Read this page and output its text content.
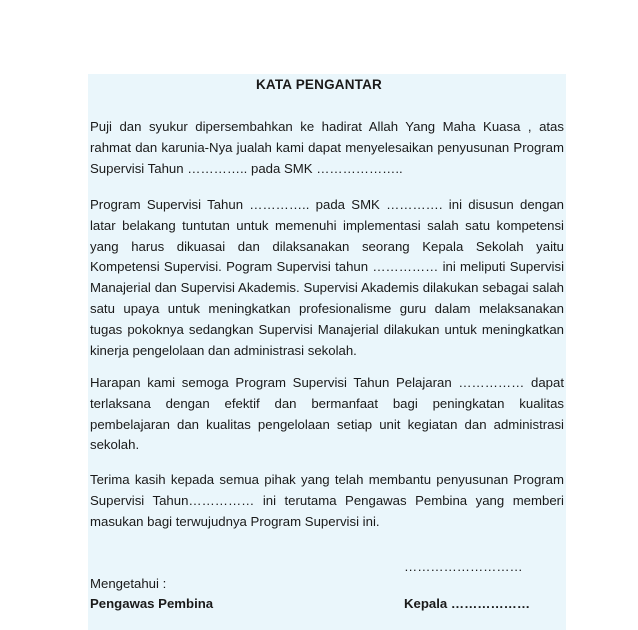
KATA PENGANTAR

Puji dan syukur dipersembahkan ke hadirat Allah Yang Maha Kuasa , atas rahmat dan karunia-Nya jualah kami dapat menyelesaikan penyusunan Program Supervisi Tahun ………….. pada SMK ………………..

Program Supervisi Tahun ………….. pada SMK …………. ini disusun dengan latar belakang tuntutan untuk memenuhi implementasi salah satu kompetensi yang harus dikuasai dan dilaksanakan seorang Kepala Sekolah yaitu Kompetensi Supervisi. Pogram Supervisi tahun …………… ini meliputi Supervisi Manajerial dan Supervisi Akademis. Supervisi Akademis dilakukan sebagai salah satu upaya untuk meningkatkan profesionalisme guru dalam melaksanakan tugas pokoknya sedangkan Supervisi Manajerial dilakukan untuk meningkatkan kinerja pengelolaan dan administrasi sekolah.

Harapan kami semoga Program Supervisi Tahun Pelajaran …………… dapat terlaksana dengan efektif dan bermanfaat bagi peningkatan kualitas pembelajaran dan kualitas pengelolaan setiap unit kegiatan dan administrasi sekolah.

Terima kasih kepada semua pihak yang telah membantu penyusunan Program Supervisi Tahun…………… ini terutama Pengawas Pembina yang memberi masukan bagi terwujudnya Program Supervisi ini.

………………………
Mengetahui :
Pengawas Pembina	Kepala ………………
